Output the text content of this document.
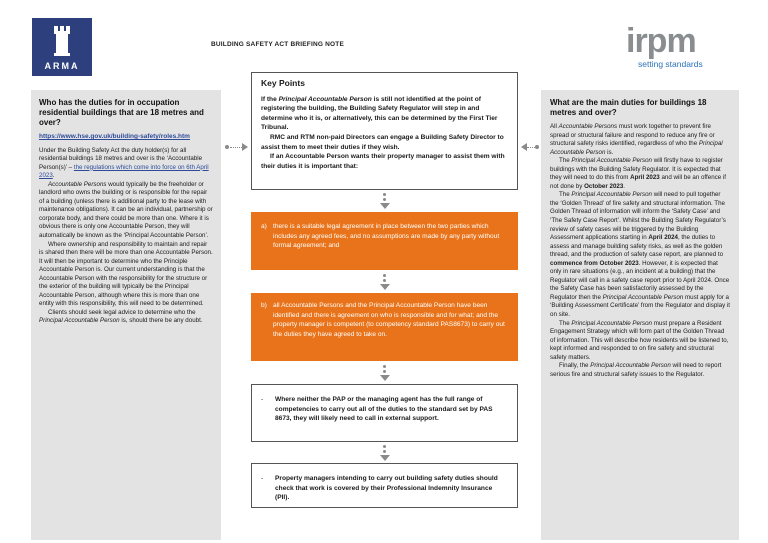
ARMA
BUILDING SAFETY ACT BRIEFING NOTE	irpm
setting standards
Who has the duties for in occupation residential buildings that are 18 metres and over?
https://www.hse.gov.uk/building-safety/roles.htm

Under the Building Safety Act the duty holder(s) for all residential buildings 18 metres and over is the ‘Accountable Person(s)’ – the regulations which come into force on 6th April 2023.

Accountable Persons would typically be the freeholder or landlord who owns the building or is responsible for the repair of a building (unless there is additional party to the lease with maintenance obligations). It can be an individual, partnership or corporate body, and there could be more than one. Where it is obvious there is only one Accountable Person, they will automatically be known as the ‘Principal Accountable Person’.

Where ownership and responsibility to maintain and repair is shared then there will be more than one Accountable Person. It will then be important to determine who the Principle Accountable Person is. Our current understanding is that the Accountable Person with the responsibility for the structure or the exterior of the building will typically be the Principal Accountable Person, although where this is more than one entity with this responsibility, this will need to be determined.

Clients should seek legal advice to determine who the Principal Accountable Person is, should there be any doubt.

Key Points

If the Principal Accountable Person is still not identified at the point of registering the building, the Building Safety Regulator will step in and determine who it is, or alternatively, this can be determined by the First Tier Tribunal.

RMC and RTM non-paid Directors can engage a Building Safety Director to assist them to meet their duties if they wish.

If an Accountable Person wants their property manager to assist them with their duties it is important that:

a) there is a suitable legal agreement in place between the two parties which includes any agreed fees, and no assumptions are made by any party without formal agreement; and
b) all Accountable Persons and the Principal Accountable Person have been identified and there is agreement on who is responsible and for what; and the property manager is competent (to competency standard PAS8673) to carry out the duties they have agreed to take on.
-	Where neither the PAP or the managing agent has the full range of competencies to carry out all of the duties to the standard set by PAS 8673, they will likely need to call in external support.
-	Property managers intending to carry out building safety duties should check that work is covered by their Professional Indemnity Insurance (PII).
What are the main duties for buildings 18 metres and over?

All Accountable Persons must work together to prevent fire spread or structural failure and respond to reduce any fire or structural safety risks identified, regardless of who the Principal Accountable Person is.

The Principal Accountable Person will firstly have to register buildings with the Building Safety Regulator. It is expected that they will need to do this from April 2023 and will be an offence if not done by October 2023.

The Principal Accountable Person will need to pull together the ‘Golden Thread’ of fire safety and structural information. The Golden Thread of information will inform the ‘Safety Case’ and ‘The Safety Case Report’. Whilst the Building Safety Regulator’s review of safety cases will be triggered by the Building Assessment applications starting in April 2024, the duties to assess and manage building safety risks, as well as the golden thread, and the production of safety case report, are planned to commence from October 2023. However, it is expected that only in rare situations (e.g., an incident at a building) that the Regulator will call in a safety case report prior to April 2024. Once the Safety Case has been satisfactorily assessed by the Regulator then the Principal Accountable Person must apply for a ‘Building Assessment Certificate’ from the Regulator and display it on site.

The Principal Accountable Person must prepare a Resident Engagement Strategy which will form part of the Golden Thread of information. This will describe how residents will be listened to, kept informed and responded to on fire safety and structural safety matters.

Finally, the Principal Accountable Person will need to report serious fire and structural safety issues to the Regulator.
